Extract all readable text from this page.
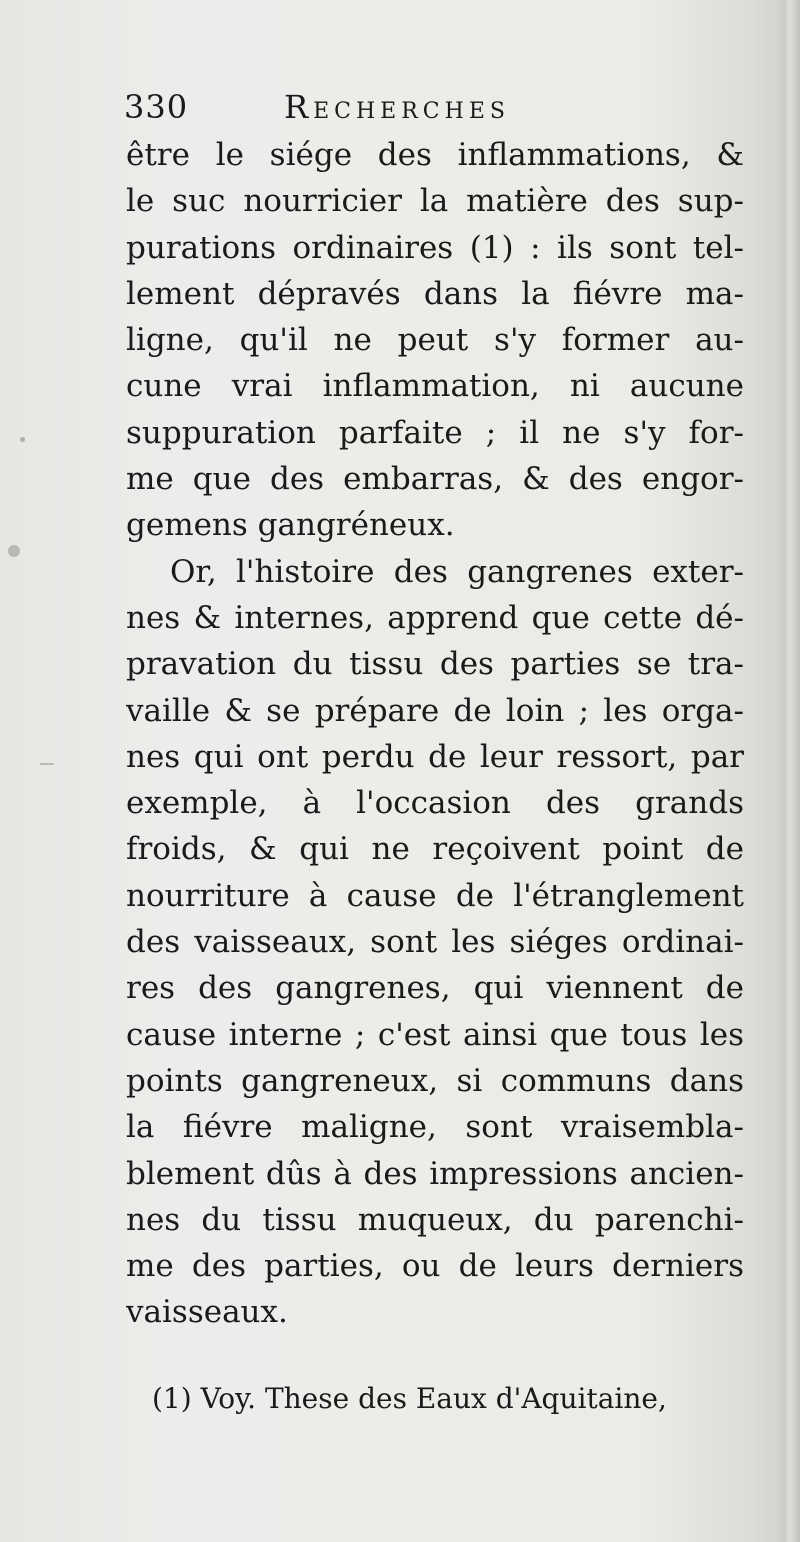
330	Recherches
être le siége des inflammations, &
le suc nourricier la matière des sup-
purations ordinaires (1) : ils sont tel-
lement dépravés dans la fiévre ma-
ligne, qu'il ne peut s'y former au-
cune vrai inflammation, ni aucune
suppuration parfaite ; il ne s'y for-
me que des embarras, & des engor-
gemens gangréneux.
Or, l'histoire des gangrenes exter-
nes & internes, apprend que cette dé-
pravation du tissu des parties se tra-
vaille & se prépare de loin ; les orga-
nes qui ont perdu de leur ressort, par
exemple, à l'occasion des grands
froids, & qui ne reçoivent point de
nourriture à cause de l'étranglement
des vaisseaux, sont les siéges ordinai-
res des gangrenes, qui viennent de
cause interne ; c'est ainsi que tous les
points gangreneux, si communs dans
la fiévre maligne, sont vraisembla-
blement dûs à des impressions ancien-
nes du tissu muqueux, du parenchi-
me des parties, ou de leurs derniers
vaisseaux.
(1) Voy. These des Eaux d'Aquitaine,
